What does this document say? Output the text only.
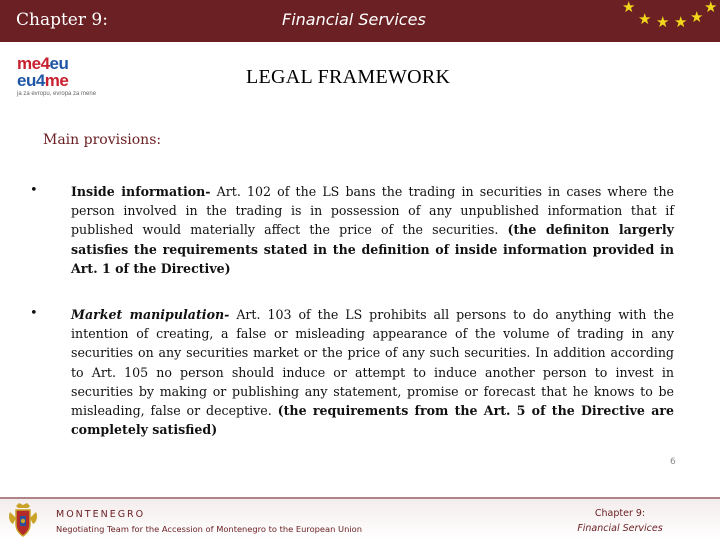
Chapter 9:	Financial Services
★
★ ★ ★ ★
★
me4eu
eu4me
ja za evropu, evropa za mene
LEGAL FRAMEWORK
Main provisions:
•	Inside information- Art. 102 of the LS bans the trading in securities in cases where the person involved in the trading is in possession of any unpublished information that if published would materially affect the price of the securities. (the definiton largerly satisfies the requirements stated in the definition of inside information provided in Art. 1 of the Directive)
•	Market manipulation- Art. 103 of the LS prohibits all persons to do anything with the intention of creating, a false or misleading appearance of the volume of trading in any securities on any securities market or the price of any such securities. In addition according to Art. 105 no person should induce or attempt to induce another person to invest in securities by making or publishing any statement, promise or forecast that he knows to be misleading, false or deceptive. (the requirements from the Art. 5 of the Directive are completely satisfied)
6
MONTENEGRO
Negotiating Team for the Accession of Montenegro to the European Union
Chapter 9:
Financial Services
